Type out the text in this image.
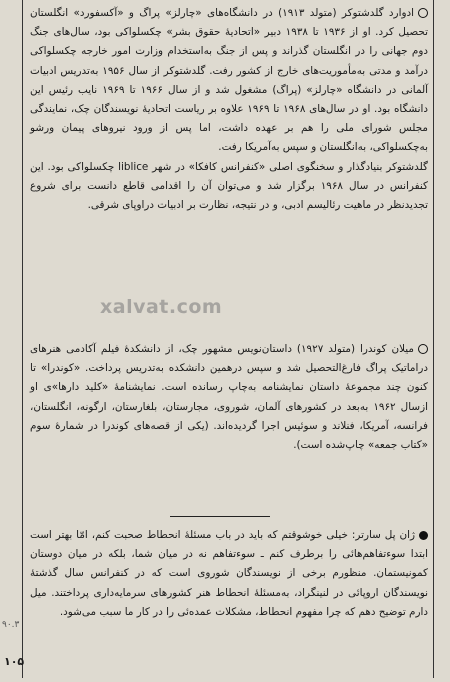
ادوارد گلدشتوکر (متولد ۱۹۱۳) در دانشگاه‌های «چارلز» پراگ و «آکسفورد» انگلستان تحصیل کرد. او از ۱۹۳۶ تا ۱۹۳۸ دبیر «اتحادیهٔ حقوق بشر» چکسلواکی بود، سال‌های جنگ دوم جهانی را در انگلستان گذراند و پس از جنگ به‌استخدام وزارت امور خارجه چکسلواکی درآمد و مدتی به‌مأموریت‌های خارج از کشور رفت. گلدشتوکر از سال ۱۹۵۶ به‌تدریس ادبیات آلمانی در دانشگاه «چارلز» (پراگ) مشغول شد و از سال ۱۹۶۶ تا ۱۹۶۹ نایب رئیس این دانشگاه بود. او در سال‌های ۱۹۶۸ تا ۱۹۶۹ علاوه بر ریاست اتحادیهٔ نویسندگان چک، نمایندگی مجلس شورای ملی را هم بر عهده داشت، اما پس از ورود نیروهای پیمان ورشو به‌چکسلواکی، به‌انگلستان و سپس به‌آمریکا رفت.

گلدشتوکر بنیادگذار و سخنگوی اصلی «کنفرانس کافکا» در شهر liblice چکسلواکی بود. این کنفرانس در سال ۱۹۶۸ برگزار شد و می‌توان آن را اقدامی قاطع دانست برای شروع تجدیدنظر در ماهیت رئالیسم ادبی، و در نتیجه، نظارت بر ادبیات دراوپای شرقی.

xalvat.com

میلان کوندرا (متولد ۱۹۲۷) داستان‌نویس مشهور چک، از دانشکدهٔ فیلم آکادمی هنرهای دراماتیک پراگ فارغ‌التحصیل شد و سپس درهمین دانشکده به‌تدریس پرداخت. «کوندرا» تا کنون چند مجموعهٔ داستان نمایشنامه به‌چاپ رسانده است. نمایشنامهٔ «کلید دارها»ی او ازسال ۱۹۶۲ به‌بعد در کشورهای آلمان، شوروی، مجارستان، بلغارستان، ارگونه، انگلستان، فرانسه، آمریکا، فنلاند و سوئیس اجرا گردیده‌اند. (یکی از قصه‌های کوندرا در شمارهٔ سوم «کتاب جمعه» چاپ‌شده است).

ژان پل سارتر: خیلی خوشوقتم که باید در باب مسئلهٔ انحطاط صحبت کنم، امّا بهتر است ابتدا سوءتفاهم‌هائی را برطرف کنم ـ سوءتفاهم نه در میان شما، بلکه در میان دوستان کمونیستمان. منظورم برخی از نویسندگان شوروی است که در کنفرانس سال گذشتهٔ نویسندگان اروپائی در لنینگراد، به‌مسئلهٔ انحطاط هنر کشورهای سرمایه‌داری پرداختند. میل دارم توضیح دهم که چرا مفهوم انحطاط، مشکلات عمده‌ئی را در کار ما سبب می‌شود.

۹۰.۳
۱۰۵
